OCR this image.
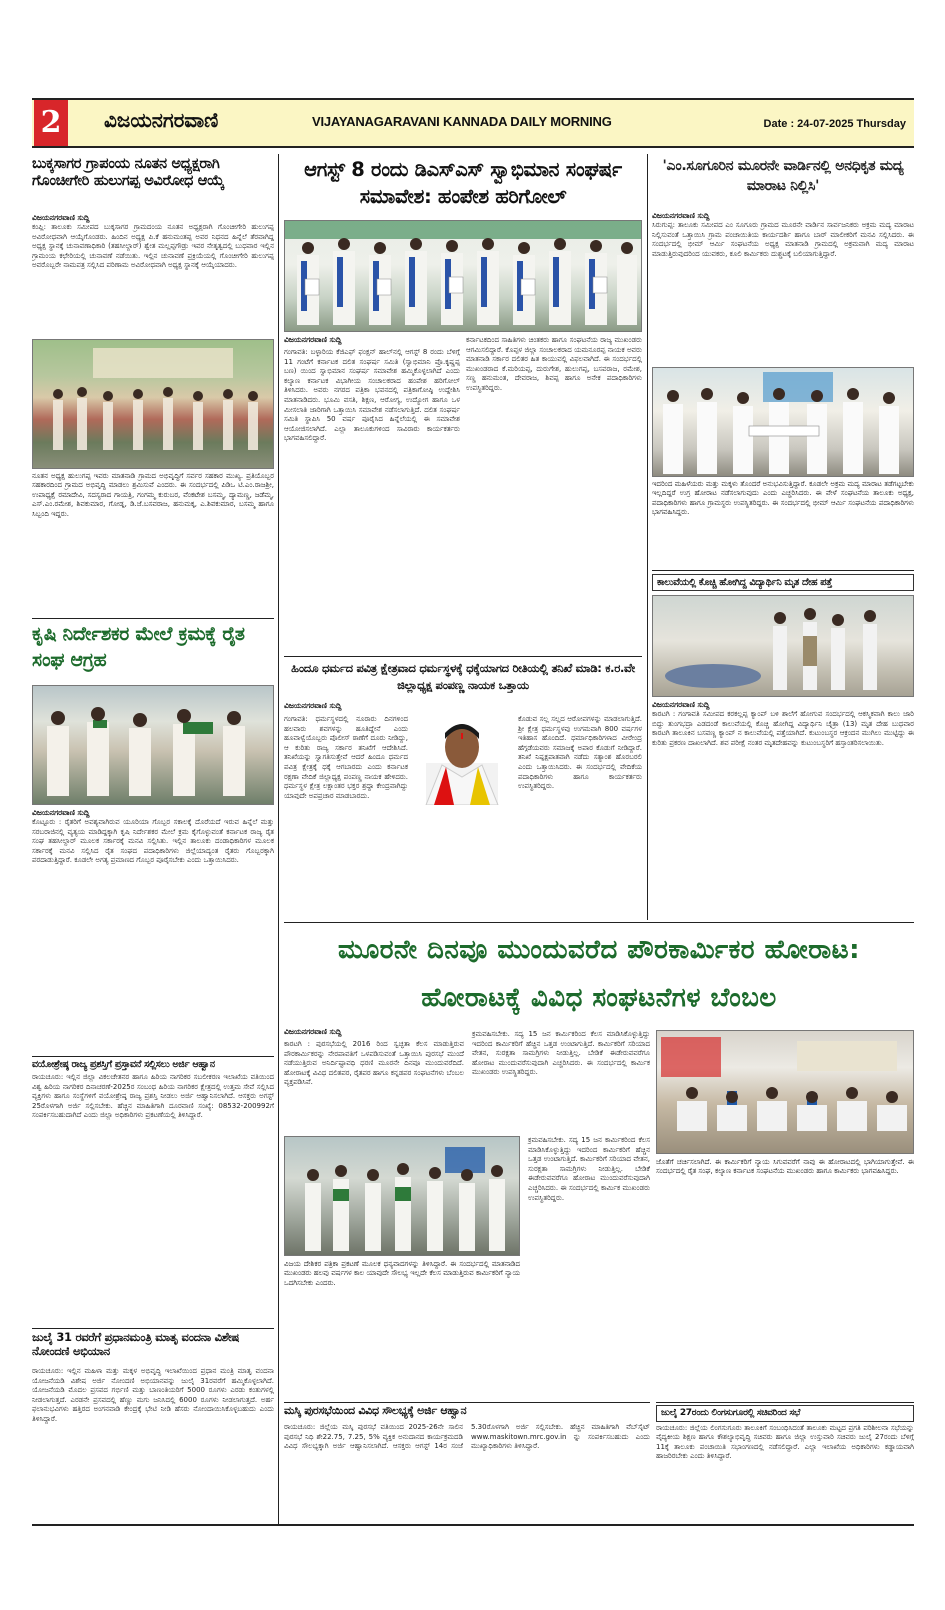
2	ವಿಜಯನಗರವಾಣಿ	VIJAYANAGARAVANI KANNADA DAILY MORNING	Date : 24-07-2025 Thursday
ಬುಕ್ಕಸಾಗರ ಗ್ರಾಪಂಯ ನೂತನ ಅಧ್ಯಕ್ಷರಾಗಿ ಗೊಂಚೀಗೇರಿ ಹುಲುಗಪ್ಪ ಅವಿರೋಧ ಆಯ್ಕೆ
ವಿಜಯನಗರವಾಣಿ ಸುದ್ದಿ
ಕಂಪ್ಲಿ: ತಾಲೂಕು ಸಮೀಪದ ಬುಕ್ಕಸಾಗರ ಗ್ರಾಮದಂಯ ನೂತನ ಅಧ್ಯಕ್ಷರಾಗಿ ಗೊಂಚೀಗೇರಿ ಹುಲುಗಪ್ಪ ಅವಿರೋಧವಾಗಿ ಆಯ್ಕೆಗೊಂಡರು. ಹಿಂದಿನ ಅಧ್ಯಕ್ಷ ಪಿ.ಕೆ ಹನುಮಂತಪ್ಪ ಅವರ ನಿಧನದ ಹಿನ್ನೆಲೆ ತೆರವಾಗಿದ್ದ ಅಧ್ಯಕ್ಷ ಸ್ಥಾನಕ್ಕೆ ಚುನಾವಣಾಧಿಕಾರಿ (ತಹಸೀಲ್ದಾರ್) ಶ್ವೇತ ಮಲ್ಲಪ್ಪಗೌಡ್ರು ಇವರ ನೇತೃತ್ವದಲ್ಲಿ ಬುಧವಾರ ಇಲ್ಲಿನ ಗ್ರಾಮಂಯ ಕಛೇರಿಯಲ್ಲಿ ಚುನಾವಣೆ ನಡೆಯಿತು. ಇಲ್ಲಿನ ಚುನಾವಣೆ ಪ್ರಕ್ರಿಯೆಯಲ್ಲಿ ಗೊಂಚೀಗೇರಿ ಹುಲುಗಪ್ಪ ಅವರೊಬ್ಬರೇ ನಾಮಪತ್ರ ಸಲ್ಲಿಸಿದ ಪರಿಣಾಮ ಅವಿರೋಧವಾಗಿ ಅಧ್ಯಕ್ಷ ಸ್ಥಾನಕ್ಕೆ ಆಯ್ಕೆಯಾದರು.
ನೂತನ ಅಧ್ಯಕ್ಷ ಹುಲುಗಪ್ಪ ಇವರು ಮಾತನಾಡಿ ಗ್ರಾಮದ ಅಭಿವೃದ್ಧಿಗೆ ಸರ್ವರ ಸಹಕಾರ ಮುಖ್ಯ. ಪ್ರತಿಯೊಬ್ಬರ ಸಹಕಾರದಿಂದ ಗ್ರಾಮದ ಅಭಿವೃದ್ಧಿ ಮಾಡಲು ಶ್ರಮಿಸುವೆ ಎಂದರು. ಈ ಸಂದರ್ಭದಲ್ಲಿ ಪಿಡಿಒ ಟಿ.ಎಂ.ರಾಜಶ್ರೀ, ಉಪಾಧ್ಯಕ್ಷೆ ರಮಾದೇವಿ, ಸದಸ್ಯರಾದ ಗಾಯತ್ರಿ, ಗಂಗಮ್ಮ ಕುರುಬರ, ವೆಂಕಟೇಶ ಬಸಮ್ಮ, ದ್ಯಾಮಣ್ಣ, ಜಡೆಮ್ಮ, ಎಸ್.ಎಂ.ರಮೇಶ, ಶಿವಕುಮಾರ, ಗೋಡ್ನ, ಡಿ.ಜೆ.ಬಸವರಾಜ, ಹನುಮಕ್ಕ, ಎ.ಶಿವಕುಮಾರ, ಬಸಮ್ಮ ಹಾಗೂ ಸಿಬ್ಬಂದಿ ಇದ್ದರು.
ಕೃಷಿ ನಿರ್ದೇಶಕರ ಮೇಲೆ ಕ್ರಮಕ್ಕೆ ರೈತ ಸಂಘ ಆಗ್ರಹ
ವಿಜಯನಗರವಾಣಿ ಸುದ್ದಿ
ಕೊಟ್ಟೂರು : ರೈತರಿಗೆ ಅವಶ್ಯವಾಗಿರುವ ಯೂರಿಯಾ ಗೊಬ್ಬರ ಸಕಾಲಕ್ಕೆ ದೊರೆಯದೆ ಇರುವ ಹಿನ್ನೆಲೆ ಮತ್ತು ಸರಬರಾಜಿನಲ್ಲಿ ವ್ಯತ್ಯಯ ಮಾಡಿದ್ದಕ್ಕಾಗಿ ಕೃಷಿ ನಿರ್ದೇಶಕರ ಮೇಲೆ ಕ್ರಮ ಕೈಗೊಳ್ಳುವಂತೆ ಕರ್ನಾಟಕ ರಾಜ್ಯ ರೈತ ಸಂಘ ತಹಸೀಲ್ದಾರ್ ಮೂಲಕ ಸರ್ಕಾರಕ್ಕೆ ಮನವಿ ಸಲ್ಲಿಸಿತು. ಇಲ್ಲಿನ ತಾಲೂಕು ದಂಡಾಧಿಕಾರಿಗಳ ಮೂಲಕ ಸರ್ಕಾರಕ್ಕೆ ಮನವಿ ಸಲ್ಲಿಸಿದ ರೈತ ಸಂಘದ ಪದಾಧಿಕಾರಿಗಳು ಜಿಲ್ಲೆಯಾದ್ಯಂತ ರೈತರು ಗೊಬ್ಬರಕ್ಕಾಗಿ ಪರದಾಡುತ್ತಿದ್ದಾರೆ. ಕೂಡಲೇ ಅಗತ್ಯ ಪ್ರಮಾಣದ ಗೊಬ್ಬರ ಪೂರೈಸಬೇಕು ಎಂದು ಒತ್ತಾಯಿಸಿದರು.
ವಯೋಶ್ರೇಷ್ಠ ರಾಜ್ಯ ಪ್ರಶಸ್ತಿಗೆ ಪ್ರಸ್ತಾವನೆ ಸಲ್ಲಿಸಲು ಅರ್ಜಿ ಆಹ್ವಾನ
ರಾಯಚೂರು: ಇಲ್ಲಿನ ಜಿಲ್ಲಾ ವಿಕಲಚೇತನರ ಹಾಗೂ ಹಿರಿಯ ನಾಗರಿಕರ ಸಬಲೀಕರಣ ಇಲಾಖೆಯ ವತಿಯಿಂದ ವಿಶ್ವ ಹಿರಿಯ ನಾಗರಿಕರ ದಿನಾಚರಣೆ-2025ರ ಸಂಬಂಧ ಹಿರಿಯ ನಾಗರಿಕರ ಕ್ಷೇತ್ರದಲ್ಲಿ ಉತ್ತಮ ಸೇವೆ ಸಲ್ಲಿಸಿದ ವ್ಯಕ್ತಿಗಳು ಹಾಗೂ ಸಂಸ್ಥೆಗಳಿಗೆ ವಯೋಶ್ರೇಷ್ಠ ರಾಜ್ಯ ಪ್ರಶಸ್ತಿ ನೀಡಲು ಅರ್ಜಿ ಆಹ್ವಾನಿಸಲಾಗಿದೆ. ಆಸಕ್ತರು ಅಗಸ್ಟ್ 25ರೊಳಗಾಗಿ ಅರ್ಜಿ ಸಲ್ಲಿಸಬೇಕು. ಹೆಚ್ಚಿನ ಮಾಹಿತಿಗಾಗಿ ದೂರವಾಣಿ ಸಂಖ್ಯೆ: 08532-200992ಗೆ ಸಂಪರ್ಕಿಸಬಹುದಾಗಿದೆ ಎಂದು ಜಿಲ್ಲಾ ಅಧಿಕಾರಿಗಳು ಪ್ರಕಟಣೆಯಲ್ಲಿ ತಿಳಿಸಿದ್ದಾರೆ.
ಜುಲೈ 31 ರವರೆಗೆ ಪ್ರಧಾನಮಂತ್ರಿ ಮಾತೃ ವಂದನಾ ವಿಶೇಷ ನೋಂದಣಿ ಅಭಿಯಾನ
ರಾಯಚೂರು: ಇಲ್ಲಿನ ಮಹಿಳಾ ಮತ್ತು ಮಕ್ಕಳ ಅಭಿವೃದ್ಧಿ ಇಲಾಖೆಯಿಂದ ಪ್ರಧಾನ ಮಂತ್ರಿ ಮಾತೃ ವಂದನಾ ಯೋಜನೆಯಡಿ ವಿಶೇಷ ಅರ್ಜಿ ನೋಂದಣಿ ಅಭಿಯಾನವನ್ನು ಜುಲೈ 31ರವರೆಗೆ ಹಮ್ಮಿಕೊಳ್ಳಲಾಗಿದೆ. ಯೋಜನೆಯಡಿ ಮೊದಲ ಪ್ರಸವದ ಗರ್ಭಿಣಿ ಮತ್ತು ಬಾಣಂತಿಯರಿಗೆ 5000 ರೂಗಳು ಎರಡು ಕಂತುಗಳಲ್ಲಿ ನೀಡಲಾಗುತ್ತದೆ. ಎರಡನೇ ಪ್ರಸವದಲ್ಲಿ ಹೆಣ್ಣು ಮಗು ಜನಿಸಿದಲ್ಲಿ 6000 ರೂಗಳು ನೀಡಲಾಗುತ್ತದೆ. ಅರ್ಹ ಫಲಾನುಭವಿಗಳು ಹತ್ತಿರದ ಅಂಗನವಾಡಿ ಕೇಂದ್ರಕ್ಕೆ ಭೇಟಿ ನೀಡಿ ಹೆಸರು ನೋಂದಾಯಿಸಿಕೊಳ್ಳಬಹುದು ಎಂದು ತಿಳಿಸಿದ್ದಾರೆ.
ಆಗಸ್ಟ್ 8 ರಂದು ಡಿಎಸ್‌ಎಸ್ ಸ್ವಾಭಿಮಾನ ಸಂಘರ್ಷ ಸಮಾವೇಶ: ಹಂಪೇಶ ಹರಿಗೋಲ್
ವಿಜಯನಗರವಾಣಿ ಸುದ್ದಿ
ಗಂಗಾವತಿ: ಬಳ್ಳಾರಿಯ ಕೆಜಿಎಫ್ ಫಂಕ್ಷನ್ ಹಾಲ್‌ನಲ್ಲಿ ಆಗಸ್ಟ್ 8 ರಂದು ಬೆಳಿಗ್ಗೆ 11 ಗಂಟೆಗೆ ಕರ್ನಾಟಕ ದಲಿತ ಸಂಘರ್ಷ ಸಮಿತಿ (ಸ್ವಾಭಿಮಾನಿ ಪ್ರೊ.ಕೃಷ್ಣಪ್ಪ ಬಣ) ಯಿಂದ ಸ್ವಾಭಿಮಾನ ಸಂಘರ್ಷ ಸಮಾವೇಶ ಹಮ್ಮಿಕೊಳ್ಳಲಾಗಿದೆ ಎಂದು ಕಲ್ಯಾಣ ಕರ್ನಾಟಕ ವಿಭಾಗೀಯ ಸಂಚಾಲಕರಾದ ಹಂಪೇಶ ಹರಿಗೋಲ್ ತಿಳಿಸಿದರು. ಅವರು ನಗರದ ಪತ್ರಿಕಾ ಭವನದಲ್ಲಿ ಪತ್ರಿಕಾಗೋಷ್ಠಿ ಉದ್ದೇಶಿಸಿ ಮಾತನಾಡಿದರು. ಭೂಮಿ ವಸತಿ, ಶಿಕ್ಷಣ, ಆರೋಗ್ಯ, ಉದ್ಯೋಗ ಹಾಗೂ ಒಳ ಮೀಸಲಾತಿ ಜಾರಿಗಾಗಿ ಒತ್ತಾಯಿಸಿ ಸಮಾವೇಶ ನಡೆಸಲಾಗುತ್ತಿದೆ. ದಲಿತ ಸಂಘರ್ಷ ಸಮಿತಿ ಸ್ಥಾಪಿಸಿ 50 ವರ್ಷ ಪೂರೈಸಿದ ಹಿನ್ನೆಲೆಯಲ್ಲಿ ಈ ಸಮಾವೇಶ ಆಯೋಜಿಸಲಾಗಿದೆ. ಎಲ್ಲಾ ತಾಲೂಕುಗಳಿಂದ ಸಾವಿರಾರು ಕಾರ್ಯಕರ್ತರು ಭಾಗವಹಿಸಲಿದ್ದಾರೆ.
ಕರ್ನಾಟಕದಿಂದ ಸಾಹಿತಿಗಳು ಚಿಂತಕರು ಹಾಗೂ ಸಂಘಟನೆಯ ರಾಜ್ಯ ಮುಖಂಡರು ಆಗಮಿಸಲಿದ್ದಾರೆ. ಕೊಪ್ಪಳ ಜಿಲ್ಲಾ ಸಂಚಾಲಕರಾದ ಯಮನೂರಪ್ಪ ನಾಯಕ ಅವರು ಮಾತನಾಡಿ ಸರ್ಕಾರ ದಲಿತರ ಹಿತ ಕಾಯುವಲ್ಲಿ ವಿಫಲವಾಗಿದೆ. ಈ ಸಂದರ್ಭದಲ್ಲಿ ಮುಖಂಡರಾದ ಕೆ.ಮರಿಯಪ್ಪ, ದುರುಗೇಶ, ಹುಲುಗಪ್ಪ, ಬಸವರಾಜ, ರಮೇಶ, ಸಣ್ಣ ಹನುಮಂತ, ದೇವರಾಜ, ಶಿವಪ್ಪ ಹಾಗೂ ಅನೇಕ ಪದಾಧಿಕಾರಿಗಳು ಉಪಸ್ಥಿತರಿದ್ದರು.
ಹಿಂದೂ ಧರ್ಮದ ಪವಿತ್ರ ಕ್ಷೇತ್ರವಾದ ಧರ್ಮಸ್ಥಳಕ್ಕೆ ಧಕ್ಕೆಯಾಗದ ರೀತಿಯಲ್ಲಿ ತನಿಖೆ ಮಾಡಿ: ಕ.ರ.ವೇ ಜಿಲ್ಲಾಧ್ಯಕ್ಷ ಪಂಪಣ್ಣ ನಾಯಕ ಒತ್ತಾಯ
ವಿಜಯನಗರವಾಣಿ ಸುದ್ದಿ
ಗಂಗಾವತಿ: ಧರ್ಮಸ್ಥಳದಲ್ಲಿ ನೂರಾರು ದಿನಗಳಿಂದ ಹಲವಾರು ಶವಗಳನ್ನು ಹೂತಿದ್ದೇನೆ ಎಂದು ಹೂವಾಳ್ವೆಯೊಬ್ಬರು ಪೊಲೀಸ್ ಠಾಣೆಗೆ ದೂರು ನೀಡಿದ್ದು, ಆ ಕುರಿತು ರಾಜ್ಯ ಸರ್ಕಾರ ತನಿಖೆಗೆ ಆದೇಶಿಸಿದೆ. ತನಿಖೆಯನ್ನು ಸ್ವಾಗತಿಸುತ್ತೇವೆ ಆದರೆ ಹಿಂದೂ ಧರ್ಮದ ಪವಿತ್ರ ಕ್ಷೇತ್ರಕ್ಕೆ ಧಕ್ಕೆ ಆಗಬಾರದು ಎಂದು ಕರ್ನಾಟಕ ರಕ್ಷಣಾ ವೇದಿಕೆ ಜಿಲ್ಲಾಧ್ಯಕ್ಷ ಪಂಪಣ್ಣ ನಾಯಕ ಹೇಳಿದರು. ಧರ್ಮಸ್ಥಳ ಕ್ಷೇತ್ರ ಲಕ್ಷಾಂತರ ಭಕ್ತರ ಶ್ರದ್ಧಾ ಕೇಂದ್ರವಾಗಿದ್ದು ಯಾವುದೇ ಅಪಪ್ರಚಾರ ಮಾಡಬಾರದು.
ಕೊಡುವ ಸಲ್ಲ ಸಲ್ಲದ ಆರೋಪಗಳನ್ನು ಮಾಡಲಾಗುತ್ತಿದೆ. ಶ್ರೀ ಕ್ಷೇತ್ರ ಧರ್ಮಸ್ಥಳವು ಉಗಮವಾಗಿ 800 ವರ್ಷಗಳ ಇತಿಹಾಸ ಹೊಂದಿದೆ. ಧರ್ಮಾಧಿಕಾರಿಗಳಾದ ವೀರೇಂದ್ರ ಹೆಗ್ಗಡೆಯವರು ಸಮಾಜಕ್ಕೆ ಅಪಾರ ಕೊಡುಗೆ ನೀಡಿದ್ದಾರೆ. ತನಿಖೆ ನಿಷ್ಪಕ್ಷಪಾತವಾಗಿ ನಡೆದು ಸತ್ಯಾಂಶ ಹೊರಬರಲಿ ಎಂದು ಒತ್ತಾಯಿಸಿದರು. ಈ ಸಂದರ್ಭದಲ್ಲಿ ವೇದಿಕೆಯ ಪದಾಧಿಕಾರಿಗಳು ಹಾಗೂ ಕಾರ್ಯಕರ್ತರು ಉಪಸ್ಥಿತರಿದ್ದರು.
'ಎಂ.ಸೂಗೂರಿನ ಮೂರನೇ ವಾರ್ಡಿನಲ್ಲಿ ಅನಧಿಕೃತ ಮದ್ಯ ಮಾರಾಟ ನಿಲ್ಲಿಸಿ'
ವಿಜಯನಗರವಾಣಿ ಸುದ್ದಿ
ಸಿರುಗುಪ್ಪ: ತಾಲೂಕು ಸಮೀಪದ ಎಂ ಸೂಗೂರು ಗ್ರಾಮದ ಮೂರನೇ ವಾರ್ಡಿನ ಸಾರ್ವಜನಿಕರು ಅಕ್ರಮ ಮದ್ಯ ಮಾರಾಟ ನಿಲ್ಲಿಸುವಂತೆ ಒತ್ತಾಯಿಸಿ ಗ್ರಾಮ ಪಂಚಾಯಿತಿಯ ಕಾರ್ಯದರ್ಶಿ ಹಾಗೂ ಬಾರ್ ಮಾಲೀಕರಿಗೆ ಮನವಿ ಸಲ್ಲಿಸಿದರು. ಈ ಸಂದರ್ಭದಲ್ಲಿ ಭೀಮ್ ಆರ್ಮಿ ಸಂಘಟನೆಯ ಅಧ್ಯಕ್ಷ ಮಾತನಾಡಿ ಗ್ರಾಮದಲ್ಲಿ ಅಕ್ರಮವಾಗಿ ಮದ್ಯ ಮಾರಾಟ ಮಾಡುತ್ತಿರುವುದರಿಂದ ಯುವಕರು, ಕೂಲಿ ಕಾರ್ಮಿಕರು ದುಶ್ಚಟಕ್ಕೆ ಬಲಿಯಾಗುತ್ತಿದ್ದಾರೆ.
ಇದರಿಂದ ಮಹಿಳೆಯರು ಮತ್ತು ಮಕ್ಕಳು ತೊಂದರೆ ಅನುಭವಿಸುತ್ತಿದ್ದಾರೆ. ಕೂಡಲೇ ಅಕ್ರಮ ಮದ್ಯ ಮಾರಾಟ ತಡೆಗಟ್ಟಬೇಕು ಇಲ್ಲದಿದ್ದರೆ ಉಗ್ರ ಹೋರಾಟ ನಡೆಸಲಾಗುವುದು ಎಂದು ಎಚ್ಚರಿಸಿದರು. ಈ ವೇಳೆ ಸಂಘಟನೆಯ ತಾಲೂಕು ಅಧ್ಯಕ್ಷ, ಪದಾಧಿಕಾರಿಗಳು ಹಾಗೂ ಗ್ರಾಮಸ್ಥರು ಉಪಸ್ಥಿತರಿದ್ದರು. ಈ ಸಂದರ್ಭದಲ್ಲಿ ಭೀಮ್ ಆರ್ಮಿ ಸಂಘಟನೆಯ ಪದಾಧಿಕಾರಿಗಳು ಭಾಗವಹಿಸಿದ್ದರು.
ಕಾಲುವೆಯಲ್ಲಿ ಕೊಚ್ಚಿ ಹೋಗಿದ್ದ ವಿದ್ಯಾರ್ಥಿನಿ ಮೃತ ದೇಹ ಪತ್ತೆ
ವಿಜಯನಗರವಾಣಿ ಸುದ್ದಿ
ಕಾರಟಗಿ : ಗಂಗಾವತಿ ಸಮೀಪದ ಕರಕಲ್ಲಪ್ಪ ಕ್ಯಾಂಪ್ ಬಳಿ ಶಾಲೆಗೆ ಹೋಗುವ ಸಂದರ್ಭದಲ್ಲಿ ಆಕಸ್ಮಿಕವಾಗಿ ಕಾಲು ಜಾರಿ ಬಿದ್ದು ತುಂಗಭದ್ರಾ ಎಡದಂಡೆ ಕಾಲುವೆಯಲ್ಲಿ ಕೊಚ್ಚಿ ಹೋಗಿದ್ದ ವಿದ್ಯಾರ್ಥಿನಿ ಚೈತ್ರಾ (13) ಮೃತ ದೇಹ ಬುಧವಾರ ಕಾರಟಗಿ ತಾಲೂಕಿನ ಬಸವಣ್ಣ ಕ್ಯಾಂಪ್ ನ ಕಾಲುವೆಯಲ್ಲಿ ಪತ್ತೆಯಾಗಿದೆ. ಕುಟುಂಬಸ್ಥರ ಆಕ್ರಂದನ ಮುಗಿಲು ಮುಟ್ಟಿದ್ದು ಈ ಕುರಿತು ಪ್ರಕರಣ ದಾಖಲಾಗಿದೆ. ಶವ ಪರೀಕ್ಷೆ ನಂತರ ಮೃತದೇಹವನ್ನು ಕುಟುಂಬಸ್ಥರಿಗೆ ಹಸ್ತಾಂತರಿಸಲಾಯಿತು.
ಮೂರನೇ ದಿನವೂ ಮುಂದುವರೆದ ಪೌರಕಾರ್ಮಿಕರ ಹೋರಾಟ: ಹೋರಾಟಕ್ಕೆ ವಿವಿಧ ಸಂಘಟನೆಗಳ ಬೆಂಬಲ
ವಿಜಯನಗರವಾಣಿ ಸುದ್ದಿ
ಕಾರಟಗಿ : ಪುರಸಭೆಯಲ್ಲಿ 2016 ರಿಂದ ಸ್ವಚ್ಛತಾ ಕೆಲಸ ಮಾಡುತ್ತಿರುವ ಪೌರಕಾರ್ಮಿಕರನ್ನು ನೇರಪಾವತಿಗೆ ಒಳಪಡಿಸುವಂತೆ ಒತ್ತಾಯಿಸಿ ಪುರಸಭೆ ಮುಂದೆ ನಡೆಯುತ್ತಿರುವ ಅನಿರ್ದಿಷ್ಟಾವಧಿ ಧರಣಿ ಮೂರನೇ ದಿನವೂ ಮುಂದುವರೆದಿದೆ. ಹೋರಾಟಕ್ಕೆ ವಿವಿಧ ದಲಿತಪರ, ರೈತಪರ ಹಾಗೂ ಕನ್ನಡಪರ ಸಂಘಟನೆಗಳು ಬೆಂಬಲ ವ್ಯಕ್ತಪಡಿಸಿವೆ.
ಕ್ರಮವಹಿಸಬೇಕು. ಸದ್ಯ 15 ಜನ ಕಾರ್ಮಿಕರಿಂದ ಕೆಲಸ ಮಾಡಿಸಿಕೊಳ್ಳುತ್ತಿದ್ದು ಇದರಿಂದ ಕಾರ್ಮಿಕರಿಗೆ ಹೆಚ್ಚಿನ ಒತ್ತಡ ಉಂಟಾಗುತ್ತಿದೆ. ಕಾರ್ಮಿಕರಿಗೆ ಸರಿಯಾದ ವೇತನ, ಸುರಕ್ಷತಾ ಸಾಮಗ್ರಿಗಳು ನೀಡುತ್ತಿಲ್ಲ. ಬೇಡಿಕೆ ಈಡೇರುವವರೆಗೂ ಹೋರಾಟ ಮುಂದುವರೆಸುವುದಾಗಿ ಎಚ್ಚರಿಸಿದರು. ಈ ಸಂದರ್ಭದಲ್ಲಿ ಕಾರ್ಮಿಕ ಮುಖಂಡರು ಉಪಸ್ಥಿತರಿದ್ದರು.
ವಿಜಯ ದೇಶಿಕರ ಪತ್ರಿಕಾ ಪ್ರಕಟಣೆ ಮೂಲಕ ಧನ್ಯವಾದಗಳನ್ನು ತಿಳಿಸಿದ್ದಾರೆ. ಈ ಸಂದರ್ಭದಲ್ಲಿ ಮಾತನಾಡಿದ ಮುಖಂಡರು ಹಲವು ವರ್ಷಗಳ ಕಾಲ ಯಾವುದೇ ಸೌಲಭ್ಯ ಇಲ್ಲದೇ ಕೆಲಸ ಮಾಡುತ್ತಿರುವ ಕಾರ್ಮಿಕರಿಗೆ ನ್ಯಾಯ ಒದಗಿಸಬೇಕು ಎಂದರು.
ಜೊತೆಗೆ ಚರ್ಚಿಸಲಾಗಿದೆ. ಈ ಕಾರ್ಮಿಕರಿಗೆ ನ್ಯಾಯ ಸಿಗುವವರೆಗೆ ನಾವು ಈ ಹೋರಾಟದಲ್ಲಿ ಭಾಗಿಯಾಗುತ್ತೇವೆ. ಈ ಸಂದರ್ಭದಲ್ಲಿ ರೈತ ಸಂಘ, ಕಲ್ಯಾಣ ಕರ್ನಾಟಕ ಸಂಘಟನೆಯ ಮುಖಂಡರು ಹಾಗೂ ಕಾರ್ಮಿಕರು ಭಾಗವಹಿಸಿದ್ದರು.
ಕ್ರಮವಹಿಸಬೇಕು. ಸದ್ಯ 15 ಜನ ಕಾರ್ಮಿಕರಿಂದ ಕೆಲಸ ಮಾಡಿಸಿಕೊಳ್ಳುತ್ತಿದ್ದು ಇದರಿಂದ ಕಾರ್ಮಿಕರಿಗೆ ಹೆಚ್ಚಿನ ಒತ್ತಡ ಉಂಟಾಗುತ್ತಿದೆ. ಕಾರ್ಮಿಕರಿಗೆ ಸರಿಯಾದ ವೇತನ, ಸುರಕ್ಷತಾ ಸಾಮಗ್ರಿಗಳು ನೀಡುತ್ತಿಲ್ಲ. ಬೇಡಿಕೆ ಈಡೇರುವವರೆಗೂ ಹೋರಾಟ ಮುಂದುವರೆಸುವುದಾಗಿ ಎಚ್ಚರಿಸಿದರು. ಈ ಸಂದರ್ಭದಲ್ಲಿ ಕಾರ್ಮಿಕ ಮುಖಂಡರು ಉಪಸ್ಥಿತರಿದ್ದರು.
ಮಸ್ಕಿ ಪುರಸಭೆಯಿಂದ ವಿವಿಧ ಸೌಲಭ್ಯಕ್ಕೆ ಅರ್ಜಿ ಆಹ್ವಾನ
ರಾಯಚೂರು: ಜಿಲ್ಲೆಯ ಮಸ್ಕಿ ಪುರಸಭೆ ವತಿಯಿಂದ 2025-26ನೇ ಸಾಲಿನ ಪುರಸಭೆ ನಿಧಿ ಶೇ22.75, 7.25, 5% ವ್ಯಕ್ತಿಕ ಅನುದಾನದ ಕಾರ್ಯಕ್ರಮದಡಿ ವಿವಿಧ ಸೌಲಭ್ಯಕ್ಕಾಗಿ ಅರ್ಜಿ ಆಹ್ವಾನಿಸಲಾಗಿದೆ. ಆಸಕ್ತರು ಆಗಸ್ಟ್ 14ರ ಸಂಜೆ 5.30ರೊಳಗಾಗಿ ಅರ್ಜಿ ಸಲ್ಲಿಸಬೇಕು. ಹೆಚ್ಚಿನ ಮಾಹಿತಿಗಾಗಿ ವೆಬ್‌ಸೈಟ್ www.maskitown.mrc.gov.in ನ್ನು ಸಂಪರ್ಕಿಸಬಹುದು ಎಂದು ಮುಖ್ಯಾಧಿಕಾರಿಗಳು ತಿಳಿಸಿದ್ದಾರೆ.
ಜುಲೈ 27ರಂದು ಲಿಂಗಸುಗೂರಲ್ಲಿ ಸಚಿವರಿಂದ ಸಭೆ
ರಾಯಚೂರು: ಜಿಲ್ಲೆಯ ಲಿಂಗಸುಗೂರು ತಾಲೂಕಿಗೆ ಸಂಬಂಧಿಸಿದಂತೆ ತಾಲೂಕು ಮಟ್ಟದ ಪ್ರಗತಿ ಪರಿಶೀಲನಾ ಸಭೆಯನ್ನು ವೈದ್ಯಕೀಯ ಶಿಕ್ಷಣ ಹಾಗೂ ಕೌಶಲ್ಯಾಭಿವೃದ್ಧಿ ಸಚಿವರು ಹಾಗೂ ಜಿಲ್ಲಾ ಉಸ್ತುವಾರಿ ಸಚಿವರು ಜುಲೈ 27ರಂದು ಬೆಳಿಗ್ಗೆ 11ಕ್ಕೆ ತಾಲೂಕು ಪಂಚಾಯಿತಿ ಸಭಾಂಗಣದಲ್ಲಿ ನಡೆಸಲಿದ್ದಾರೆ. ಎಲ್ಲಾ ಇಲಾಖೆಯ ಅಧಿಕಾರಿಗಳು ಕಡ್ಡಾಯವಾಗಿ ಹಾಜರಿರಬೇಕು ಎಂದು ತಿಳಿಸಿದ್ದಾರೆ.
